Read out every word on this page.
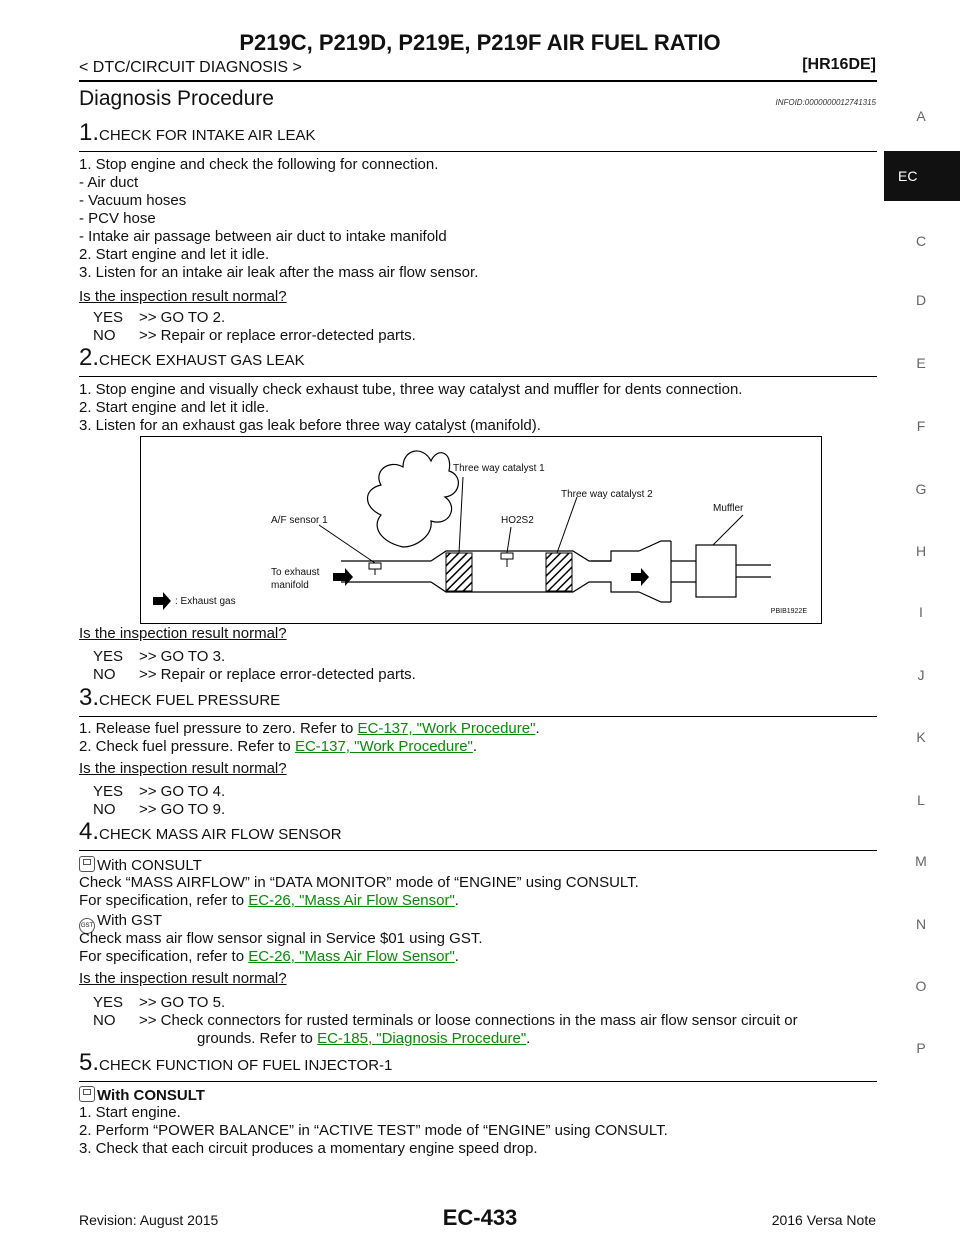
P219C, P219D, P219E, P219F AIR FUEL RATIO
< DTC/CIRCUIT DIAGNOSIS >	[HR16DE]
Diagnosis Procedure	INFOID:0000000012741315
EC
A
C
D
E
F
G
H
I
J
K
L
M
N
O
P
1.CHECK FOR INTAKE AIR LEAK
1. Stop engine and check the following for connection.
- Air duct
- Vacuum hoses
- PCV hose
- Intake air passage between air duct to intake manifold
2. Start engine and let it idle.
3. Listen for an intake air leak after the mass air flow sensor.
Is the inspection result normal?
YES >> GO TO 2.
NO >> Repair or replace error-detected parts.
2.CHECK EXHAUST GAS LEAK
1. Stop engine and visually check exhaust tube, three way catalyst and muffler for dents connection.
2. Start engine and let it idle.
3. Listen for an exhaust gas leak before three way catalyst (manifold).
Three way catalyst 1
Three way catalyst 2
Muffler
A/F sensor 1	HO2S2
To exhaust
manifold
: Exhaust gas
PBIB1922E
Is the inspection result normal?
YES >> GO TO 3.
NO >> Repair or replace error-detected parts.
3.CHECK FUEL PRESSURE
1. Release fuel pressure to zero. Refer to EC-137, "Work Procedure".
2. Check fuel pressure. Refer to EC-137, "Work Procedure".
Is the inspection result normal?
YES >> GO TO 4.
NO >> GO TO 9.
4.CHECK MASS AIR FLOW SENSOR
With CONSULT
Check “MASS AIRFLOW” in “DATA MONITOR” mode of “ENGINE” using CONSULT.
For specification, refer to EC-26, "Mass Air Flow Sensor".
GST With GST
Check mass air flow sensor signal in Service $01 using GST.
For specification, refer to EC-26, "Mass Air Flow Sensor".
Is the inspection result normal?
YES >> GO TO 5.
NO >> Check connectors for rusted terminals or loose connections in the mass air flow sensor circuit or
grounds. Refer to EC-185, "Diagnosis Procedure".
5.CHECK FUNCTION OF FUEL INJECTOR-1
With CONSULT
1. Start engine.
2. Perform “POWER BALANCE” in “ACTIVE TEST” mode of “ENGINE” using CONSULT.
3. Check that each circuit produces a momentary engine speed drop.
Revision: August 2015	EC-433	2016 Versa Note
